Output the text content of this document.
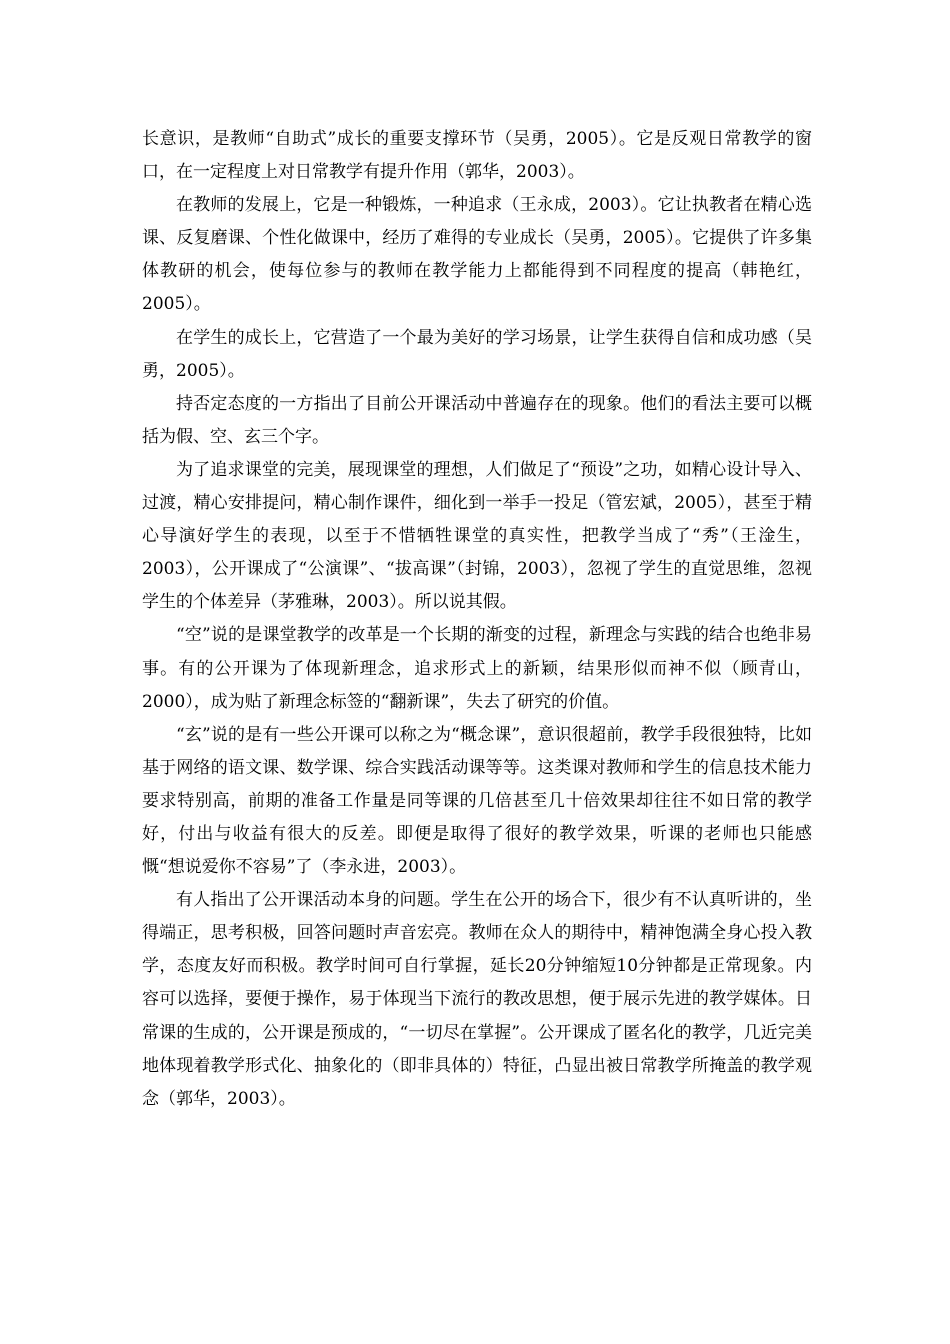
长意识，是教师“自助式”成长的重要支撑环节（吴勇，2005）。它是反观日常教学的窗口，在一定程度上对日常教学有提升作用（郭华，2003）。

在教师的发展上，它是一种锻炼，一种追求（王永成，2003）。它让执教者在精心选课、反复磨课、个性化做课中，经历了难得的专业成长（吴勇，2005）。它提供了许多集体教研的机会，使每位参与的教师在教学能力上都能得到不同程度的提高（韩艳红，2005）。

在学生的成长上，它营造了一个最为美好的学习场景，让学生获得自信和成功感（吴勇，2005）。

持否定态度的一方指出了目前公开课活动中普遍存在的现象。他们的看法主要可以概括为假、空、玄三个字。

为了追求课堂的完美，展现课堂的理想，人们做足了“预设”之功，如精心设计导入、过渡，精心安排提问，精心制作课件，细化到一举手一投足（管宏斌，2005），甚至于精心导演好学生的表现，以至于不惜牺牲课堂的真实性，把教学当成了“秀”（王淦生，2003），公开课成了“公演课”、“拔高课”（封锦，2003），忽视了学生的直觉思维，忽视学生的个体差异（茅雅琳，2003）。所以说其假。

“空”说的是课堂教学的改革是一个长期的渐变的过程，新理念与实践的结合也绝非易事。有的公开课为了体现新理念，追求形式上的新颖，结果形似而神不似（顾青山，2000），成为贴了新理念标签的“翻新课”，失去了研究的价值。

“玄”说的是有一些公开课可以称之为“概念课”，意识很超前，教学手段很独特，比如基于网络的语文课、数学课、综合实践活动课等等。这类课对教师和学生的信息技术能力要求特别高，前期的准备工作量是同等课的几倍甚至几十倍效果却往往不如日常的教学好，付出与收益有很大的反差。即便是取得了很好的教学效果，听课的老师也只能感慨“想说爱你不容易”了（李永进，2003）。

有人指出了公开课活动本身的问题。学生在公开的场合下，很少有不认真听讲的，坐得端正，思考积极，回答问题时声音宏亮。教师在众人的期待中，精神饱满全身心投入教学，态度友好而积极。教学时间可自行掌握，延长20分钟缩短10分钟都是正常现象。内容可以选择，要便于操作，易于体现当下流行的教改思想，便于展示先进的教学媒体。日常课的生成的，公开课是预成的，“一切尽在掌握”。公开课成了匿名化的教学，几近完美地体现着教学形式化、抽象化的（即非具体的）特征，凸显出被日常教学所掩盖的教学观念（郭华，2003）。
